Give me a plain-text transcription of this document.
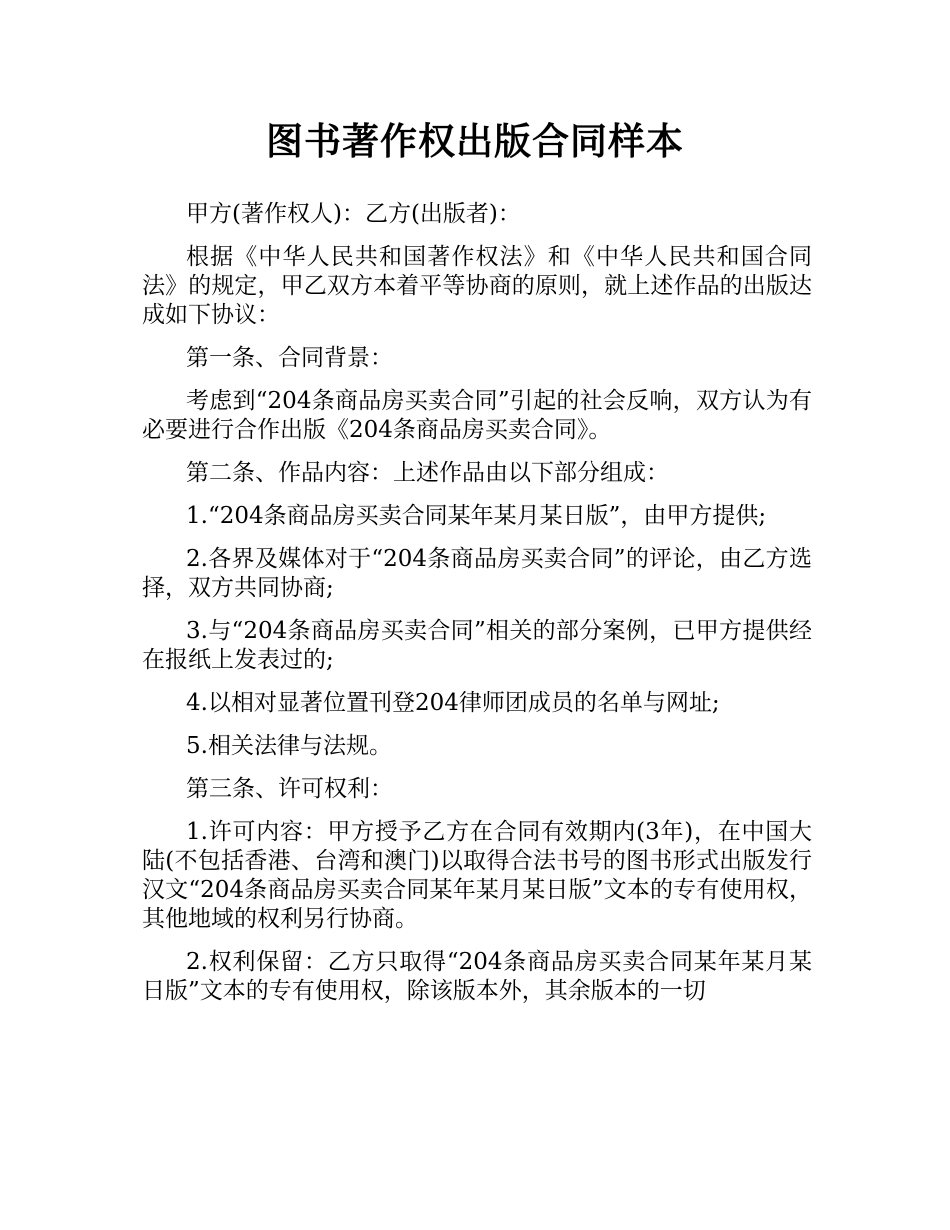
图书著作权出版合同样本

甲方(著作权人)：乙方(出版者)：

根据《中华人民共和国著作权法》和《中华人民共和国合同法》的规定，甲乙双方本着平等协商的原则，就上述作品的出版达成如下协议：

第一条、合同背景：

考虑到“204条商品房买卖合同”引起的社会反响，双方认为有必要进行合作出版《204条商品房买卖合同》。

第二条、作品内容：上述作品由以下部分组成：

1.“204条商品房买卖合同某年某月某日版”，由甲方提供;

2.各界及媒体对于“204条商品房买卖合同”的评论，由乙方选择，双方共同协商;

3.与“204条商品房买卖合同”相关的部分案例，已甲方提供经在报纸上发表过的;

4.以相对显著位置刊登204律师团成员的名单与网址;

5.相关法律与法规。

第三条、许可权利：

1.许可内容：甲方授予乙方在合同有效期内(3年)，在中国大陆(不包括香港、台湾和澳门)以取得合法书号的图书形式出版发行汉文“204条商品房买卖合同某年某月某日版”文本的专有使用权，其他地域的权利另行协商。

2.权利保留：乙方只取得“204条商品房买卖合同某年某月某日版”文本的专有使用权，除该版本外，其余版本的一切
